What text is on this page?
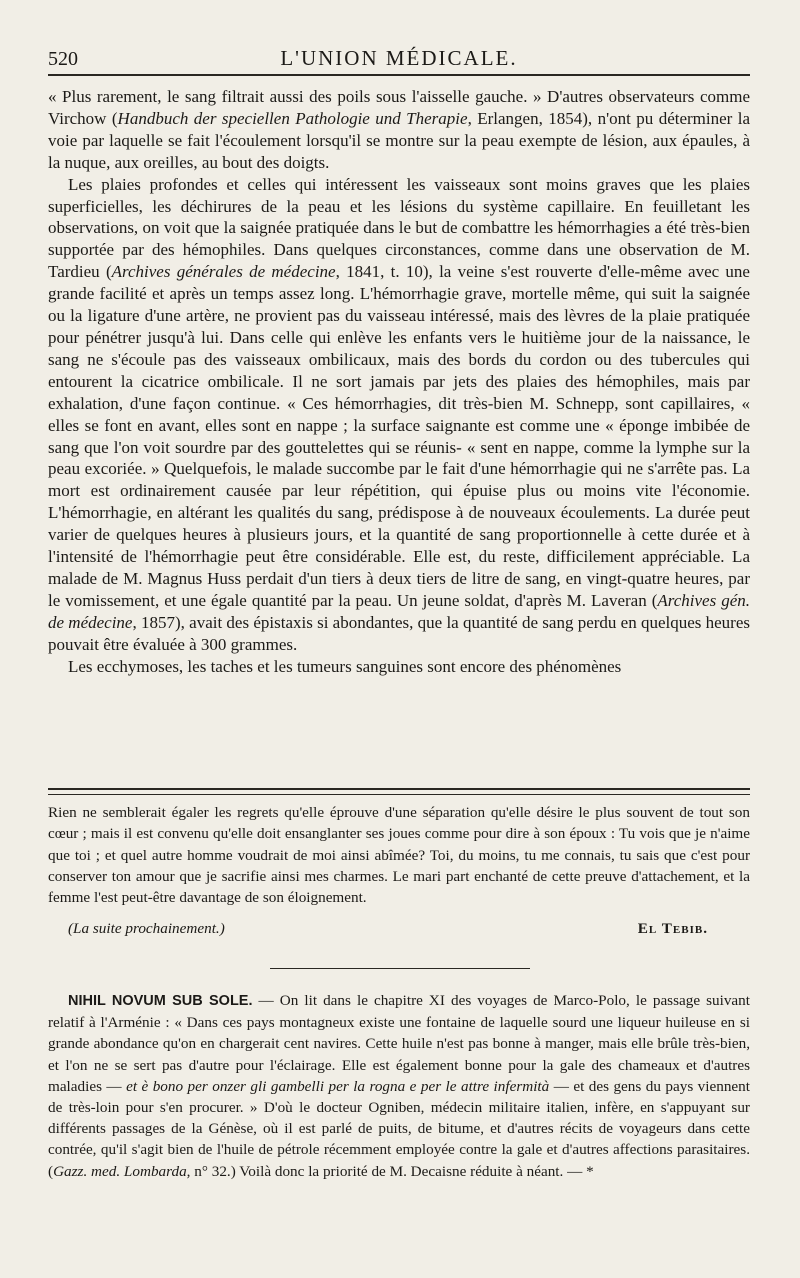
520	L'UNION MÉDICALE.

« Plus rarement, le sang filtrait aussi des poils sous l'aisselle gauche. » D'autres observateurs comme Virchow (Handbuch der speciellen Pathologie und Therapie, Erlangen, 1854), n'ont pu déterminer la voie par laquelle se fait l'écoulement lorsqu'il se montre sur la peau exempte de lésion, aux épaules, à la nuque, aux oreilles, au bout des doigts.

Les plaies profondes et celles qui intéressent les vaisseaux sont moins graves que les plaies superficielles, les déchirures de la peau et les lésions du système capillaire. En feuilletant les observations, on voit que la saignée pratiquée dans le but de combattre les hémorrhagies a été très-bien supportée par des hémophiles. Dans quelques circonstances, comme dans une observation de M. Tardieu (Archives générales de médecine, 1841, t. 10), la veine s'est rouverte d'elle-même avec une grande facilité et après un temps assez long. L'hémorrhagie grave, mortelle même, qui suit la saignée ou la ligature d'une artère, ne provient pas du vaisseau intéressé, mais des lèvres de la plaie pratiquée pour pénétrer jusqu'à lui. Dans celle qui enlève les enfants vers le huitième jour de la naissance, le sang ne s'écoule pas des vaisseaux ombilicaux, mais des bords du cordon ou des tubercules qui entourent la cicatrice ombilicale. Il ne sort jamais par jets des plaies des hémophiles, mais par exhalation, d'une façon continue. « Ces hémorrhagies, dit très-bien M. Schnepp, sont capillaires, « elles se font en avant, elles sont en nappe ; la surface saignante est comme une « éponge imbibée de sang que l'on voit sourdre par des gouttelettes qui se réunis- « sent en nappe, comme la lymphe sur la peau excoriée. » Quelquefois, le malade succombe par le fait d'une hémorrhagie qui ne s'arrête pas. La mort est ordinairement causée par leur répétition, qui épuise plus ou moins vite l'économie. L'hémorrhagie, en altérant les qualités du sang, prédispose à de nouveaux écoulements. La durée peut varier de quelques heures à plusieurs jours, et la quantité de sang proportionnelle à cette durée et à l'intensité de l'hémorrhagie peut être considérable. Elle est, du reste, difficilement appréciable. La malade de M. Magnus Huss perdait d'un tiers à deux tiers de litre de sang, en vingt-quatre heures, par le vomissement, et une égale quantité par la peau. Un jeune soldat, d'après M. Laveran (Archives gén. de médecine, 1857), avait des épistaxis si abondantes, que la quantité de sang perdu en quelques heures pouvait être évaluée à 300 grammes.

Les ecchymoses, les taches et les tumeurs sanguines sont encore des phénomènes

Rien ne semblerait égaler les regrets qu'elle éprouve d'une séparation qu'elle désire le plus souvent de tout son cœur ; mais il est convenu qu'elle doit ensanglanter ses joues comme pour dire à son époux : Tu vois que je n'aime que toi ; et quel autre homme voudrait de moi ainsi abîmée? Toi, du moins, tu me connais, tu sais que c'est pour conserver ton amour que je sacrifie ainsi mes charmes. Le mari part enchanté de cette preuve d'attachement, et la femme l'est peut-être davantage de son éloignement.

(La suite prochainement.)	El Tebib.

NIHIL NOVUM SUB SOLE. — On lit dans le chapitre XI des voyages de Marco-Polo, le passage suivant relatif à l'Arménie : « Dans ces pays montagneux existe une fontaine de laquelle sourd une liqueur huileuse en si grande abondance qu'on en chargerait cent navires. Cette huile n'est pas bonne à manger, mais elle brûle très-bien, et l'on ne se sert pas d'autre pour l'éclairage. Elle est également bonne pour la gale des chameaux et d'autres maladies — et è bono per onzer gli gambelli per la rogna e per le attre infermità — et des gens du pays viennent de très-loin pour s'en procurer. » D'où le docteur Ogniben, médecin militaire italien, infère, en s'appuyant sur différents passages de la Génèse, où il est parlé de puits, de bitume, et d'autres récits de voyageurs dans cette contrée, qu'il s'agit bien de l'huile de pétrole récemment employée contre la gale et d'autres affections parasitaires. (Gazz. med. Lombarda, n° 32.) Voilà donc la priorité de M. Decaisne réduite à néant. — *
